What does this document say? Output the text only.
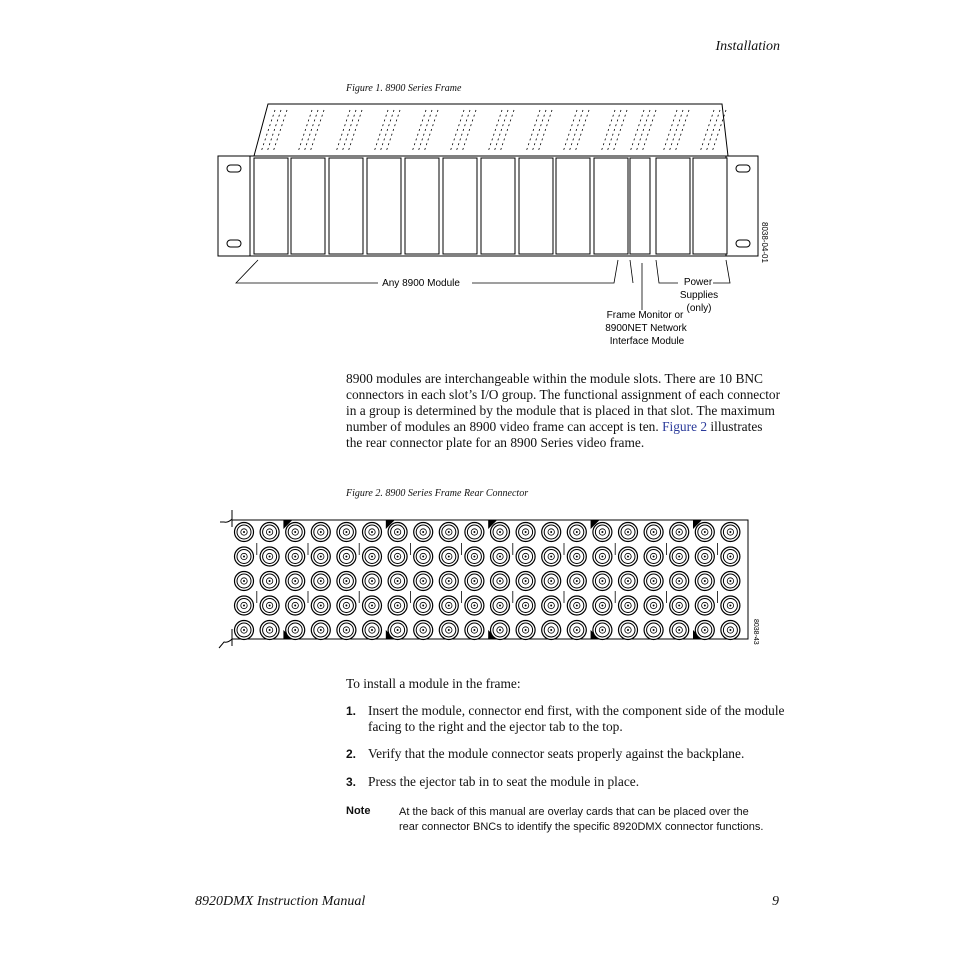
Installation
Figure 1. 8900 Series Frame
8038-04-01
Any 8900 Module	Power
Supplies
(only)
Frame Monitor or
8900NET Network
Interface Module
8900 modules are interchangeable within the module slots. There are 10 BNC connectors in each slot’s I/O group. The functional assignment of each connector in a group is determined by the module that is placed in that slot. The maximum number of modules an 8900 video frame can accept is ten. Figure 2 illustrates the rear connector plate for an 8900 Series video frame.
Figure 2. 8900 Series Frame Rear Connector
8038-43
To install a module in the frame:
1. Insert the module, connector end first, with the component side of the module facing to the right and the ejector tab to the top.
2. Verify that the module connector seats properly against the backplane.
3. Press the ejector tab in to seat the module in place.
Note	At the back of this manual are overlay cards that can be placed over the rear connector BNCs to identify the specific 8920DMX connector functions.
8920DMX Instruction Manual	9
